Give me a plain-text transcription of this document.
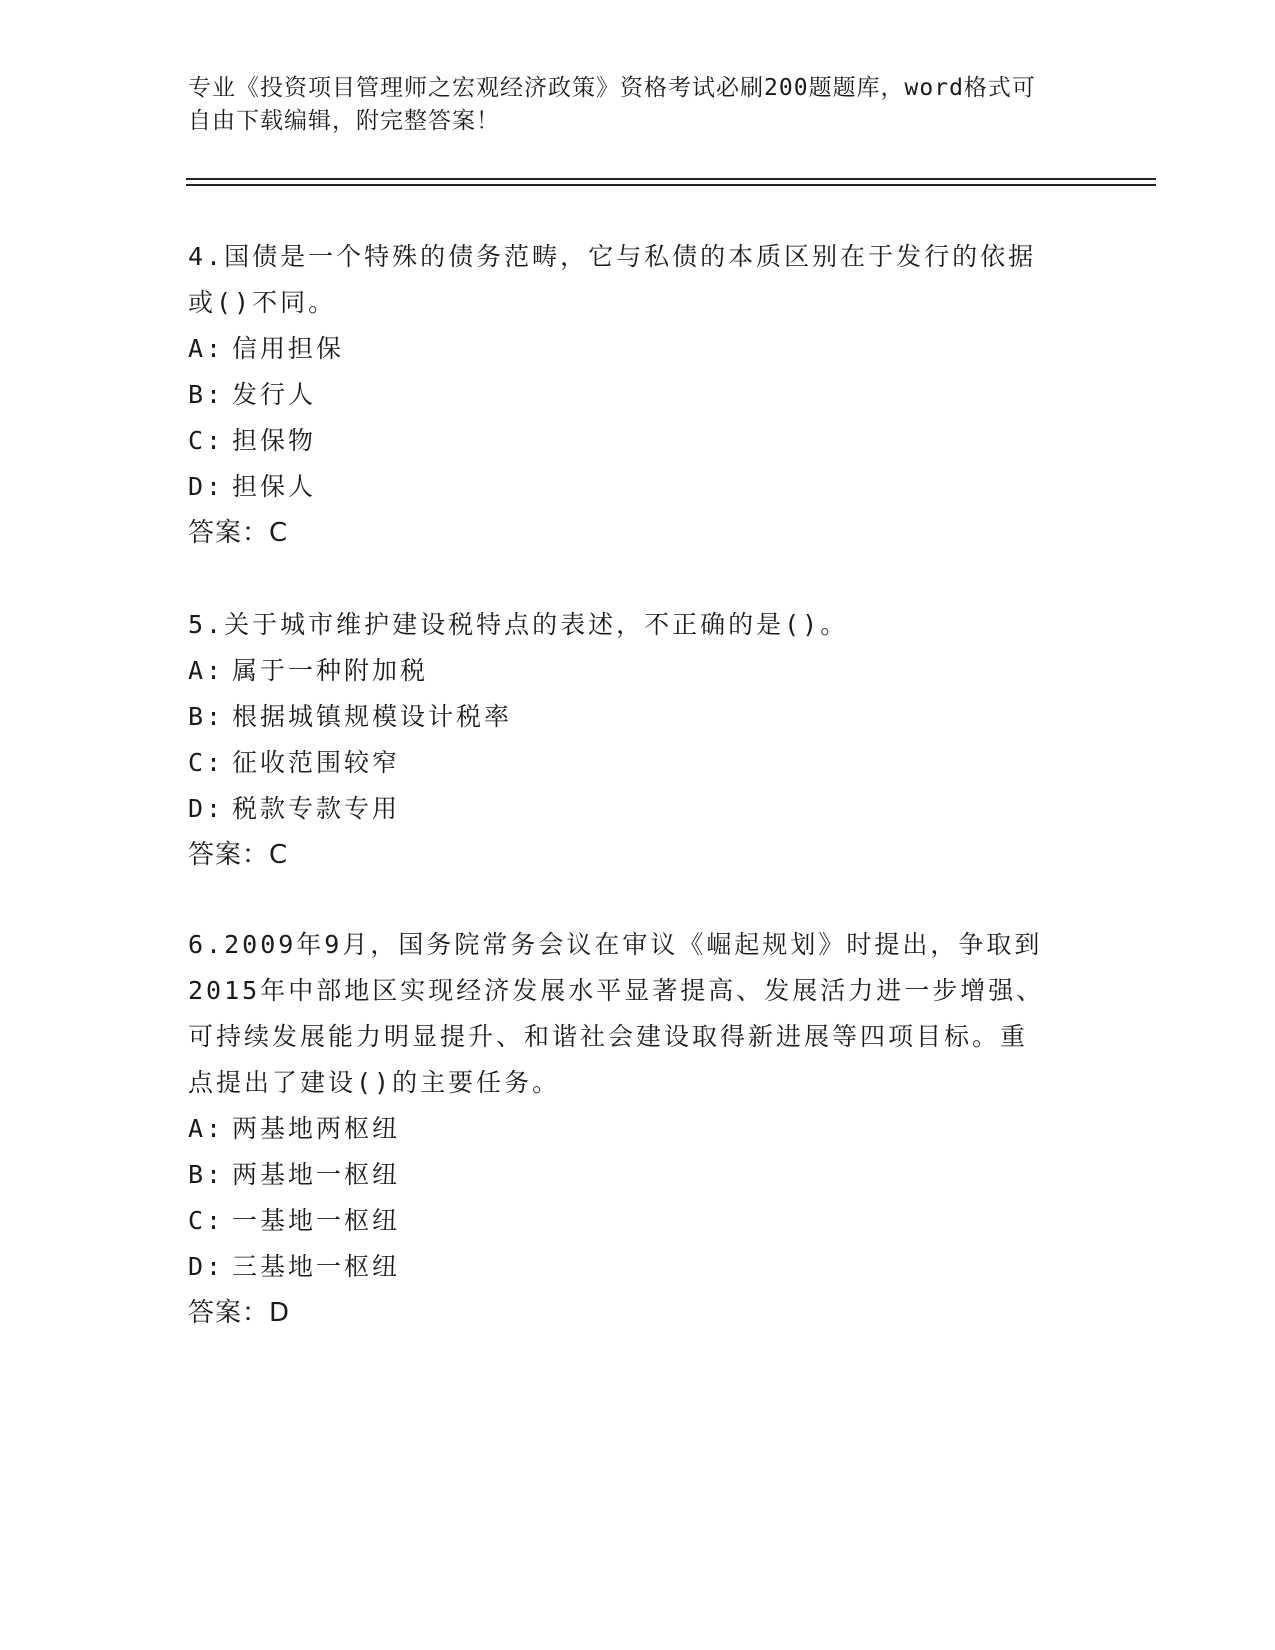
专业《投资项目管理师之宏观经济政策》资格考试必刷200题题库，word格式可
自由下载编辑，附完整答案！
4.国债是一个特殊的债务范畴，它与私债的本质区别在于发行的依据
或()不同。
A: 信用担保
B: 发行人
C: 担保物
D: 担保人
答案：C
5.关于城市维护建设税特点的表述，不正确的是()。
A: 属于一种附加税
B: 根据城镇规模设计税率
C: 征收范围较窄
D: 税款专款专用
答案：C
6.2009年9月，国务院常务会议在审议《崛起规划》时提出，争取到
2015年中部地区实现经济发展水平显著提高、发展活力进一步增强、
可持续发展能力明显提升、和谐社会建设取得新进展等四项目标。重
点提出了建设()的主要任务。
A: 两基地两枢纽
B: 两基地一枢纽
C: 一基地一枢纽
D: 三基地一枢纽
答案：D
